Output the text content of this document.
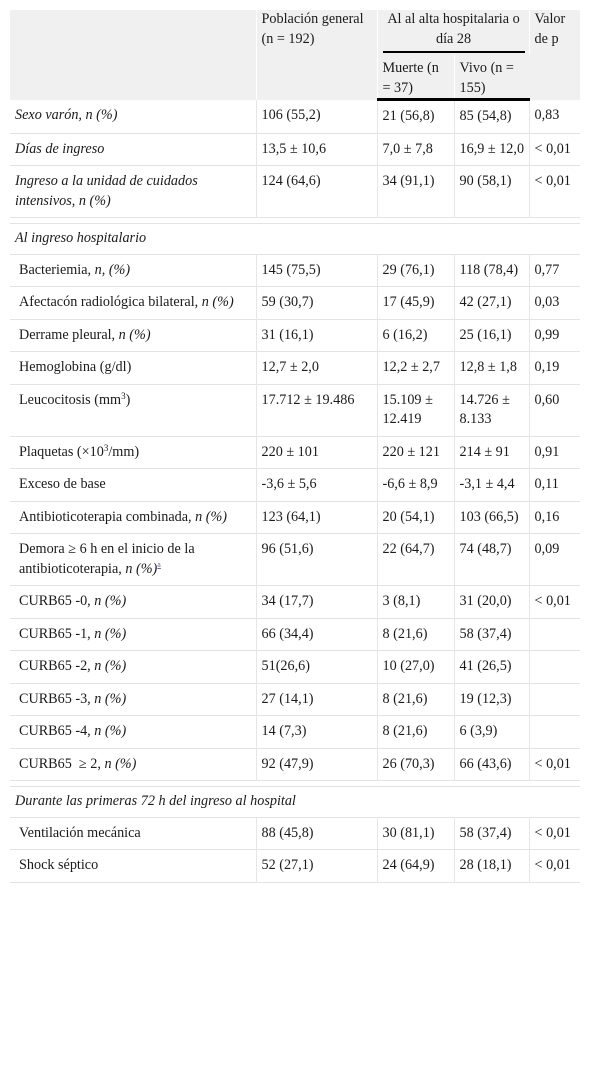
	Población general (n = 192)	Al al alta hospitalaria o día 28		Valor de p
		Muerte (n = 37)	Vivo (n = 155)	
Sexo varón, n (%)	106 (55,2)	21 (56,8)	85 (54,8)	0,83
Días de ingreso	13,5 ± 10,6	7,0 ± 7,8	16,9 ± 12,0	< 0,01
Ingreso a la unidad de cuidados intensivos, n (%)	124 (64,6)	34 (91,1)	90 (58,1)	< 0,01

Al ingreso hospitalario				
Bacteriemia, n, (%)	145 (75,5)	29 (76,1)	118 (78,4)	0,77
Afectacón radiológica bilateral, n (%)	59 (30,7)	17 (45,9)	42 (27,1)	0,03
Derrame pleural, n (%)	31 (16,1)	6 (16,2)	25 (16,1)	0,99
Hemoglobina (g/dl)	12,7 ± 2,0	12,2 ± 2,7	12,8 ± 1,8	0,19
Leucocitosis $(mm^3)$	17.712 ± 19.486	15.109 ± 12.419	14.726 ± 8.133	0,60
Plaquetas $(\times 10^3/mm)$	220 ± 101	220 ± 121	214 ± 91	0,91
Exceso de base	-3,6 ± 5,6	-6,6 ± 8,9	-3,1 ± 4,4	0,11
Antibioticoterapia combinada, n (%)	123 (64,1)	20 (54,1)	103 (66,5)	0,16
Demora ≥ 6 h en el inicio de la antibioticoterapia, n (%)$^a$	96 (51,6)	22 (64,7)	74 (48,7)	0,09
CURB65 -0, n (%)	34 (17,7)	3 (8,1)	31 (20,0)	< 0,01
CURB65 -1, n (%)	66 (34,4)	8 (21,6)	58 (37,4)	
CURB65 -2, n (%)	51(26,6)	10 (27,0)	41 (26,5)	
CURB65 -3, n (%)	27 (14,1)	8 (21,6)	19 (12,3)	
CURB65 -4, n (%)	14 (7,3)	8 (21,6)	6 (3,9)	
CURB65  ≥ 2, n (%)	92 (47,9)	26 (70,3)	66 (43,6)	< 0,01

Durante las primeras 72 h del ingreso al hospital				
Ventilación mecánica	88 (45,8)	30 (81,1)	58 (37,4)	< 0,01
Shock séptico	52 (27,1)	24 (64,9)	28 (18,1)	< 0,01
